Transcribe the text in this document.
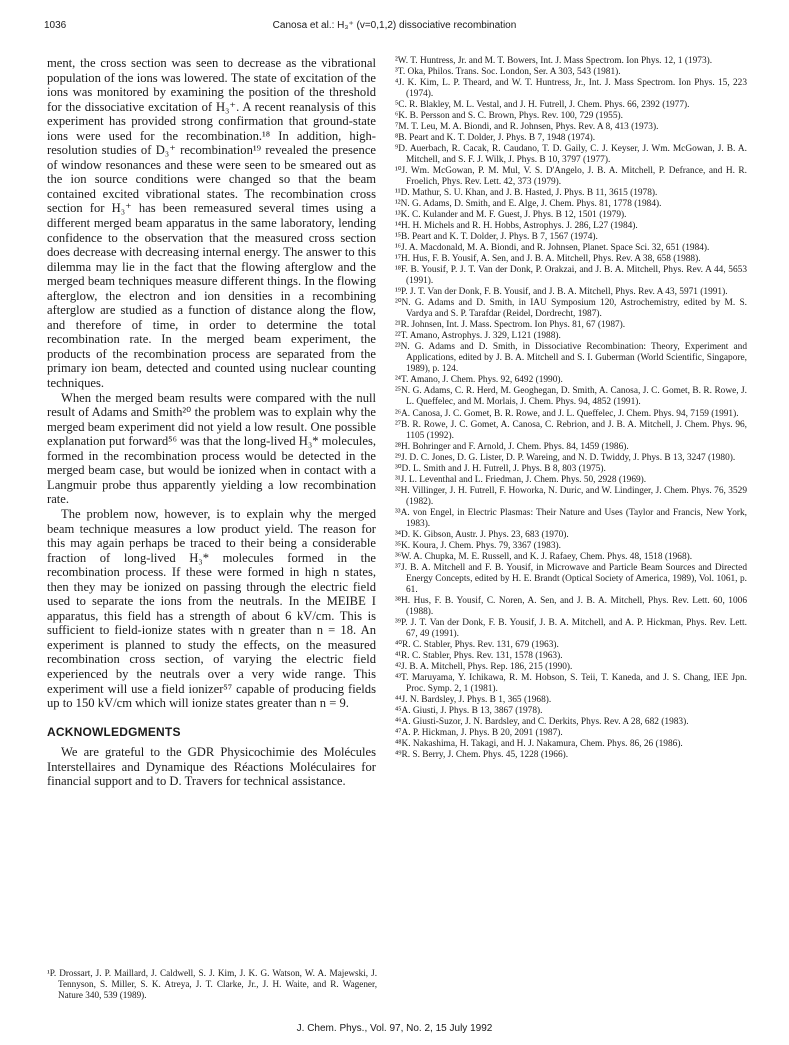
1036	Canosa et al.: H₃⁺ (v=0,1,2) dissociative recombination

ment, the cross section was seen to decrease as the vibrational population of the ions was lowered. The state of excitation of the ions was monitored by examining the position of the threshold for the dissociative excitation of H₃⁺. A recent reanalysis of this experiment has provided strong confirmation that ground-state ions were used for the recombination.¹⁸ In addition, high-resolution studies of D₃⁺ recombination¹⁹ revealed the presence of window resonances and these were seen to be smeared out as the ion source conditions were changed so that the beam contained excited vibrational states. The recombination cross section for H₃⁺ has been remeasured several times using a different merged beam apparatus in the same laboratory, lending confidence to the observation that the measured cross section does decrease with decreasing internal energy. The answer to this dilemma may lie in the fact that the flowing afterglow and the merged beam techniques measure different things. In the flowing afterglow, the electron and ion densities in a recombining afterglow are studied as a function of distance along the flow, and therefore of time, in order to determine the total recombination rate. In the merged beam experiment, the products of the recombination process are separated from the primary ion beam, detected and counted using nuclear counting techniques.

When the merged beam results were compared with the null result of Adams and Smith²⁰ the problem was to explain why the merged beam experiment did not yield a low result. One possible explanation put forward⁵⁶ was that the long-lived H₃* molecules, formed in the recombination process would be detected in the merged beam case, but would be ionized when in contact with a Langmuir probe thus apparently yielding a low recombination rate.

The problem now, however, is to explain why the merged beam technique measures a low product yield. The reason for this may again perhaps be traced to their being a considerable fraction of long-lived H₃* molecules formed in the recombination process. If these were formed in high n states, then they may be ionized on passing through the electric field used to separate the ions from the neutrals. In the MEIBE I apparatus, this field has a strength of about 6 kV/cm. This is sufficient to field-ionize states with n greater than n = 18. An experiment is planned to study the effects, on the measured recombination cross section, of varying the electric field experienced by the neutrals over a very wide range. This experiment will use a field ionizer⁵⁷ capable of producing fields up to 150 kV/cm which will ionize states greater than n = 9.

ACKNOWLEDGMENTS

We are grateful to the GDR Physicochimie des Molécules Interstellaires and Dynamique des Réactions Moléculaires for financial support and to D. Travers for technical assistance.

¹P. Drossart, J. P. Maillard, J. Caldwell, S. J. Kim, J. K. G. Watson, W. A. Majewski, J. Tennyson, S. Miller, S. K. Atreya, J. T. Clarke, Jr., J. H. Waite, and R. Wagener, Nature 340, 539 (1989).
²W. T. Huntress, Jr. and M. T. Bowers, Int. J. Mass Spectrom. Ion Phys. 12, 1 (1973).
³T. Oka, Philos. Trans. Soc. London, Ser. A 303, 543 (1981).
⁴J. K. Kim, L. P. Theard, and W. T. Huntress, Jr., Int. J. Mass Spectrom. Ion Phys. 15, 223 (1974).
⁵C. R. Blakley, M. L. Vestal, and J. H. Futrell, J. Chem. Phys. 66, 2392 (1977).
⁶K. B. Persson and S. C. Brown, Phys. Rev. 100, 729 (1955).
⁷M. T. Leu, M. A. Biondi, and R. Johnsen, Phys. Rev. A 8, 413 (1973).
⁸B. Peart and K. T. Dolder, J. Phys. B 7, 1948 (1974).
⁹D. Auerbach, R. Cacak, R. Caudano, T. D. Gaily, C. J. Keyser, J. Wm. McGowan, J. B. A. Mitchell, and S. F. J. Wilk, J. Phys. B 10, 3797 (1977).
¹⁰J. Wm. McGowan, P. M. Mul, V. S. D'Angelo, J. B. A. Mitchell, P. Defrance, and H. R. Froelich, Phys. Rev. Lett. 42, 373 (1979).
¹¹D. Mathur, S. U. Khan, and J. B. Hasted, J. Phys. B 11, 3615 (1978).
¹²N. G. Adams, D. Smith, and E. Alge, J. Chem. Phys. 81, 1778 (1984).
¹³K. C. Kulander and M. F. Guest, J. Phys. B 12, 1501 (1979).
¹⁴H. H. Michels and R. H. Hobbs, Astrophys. J. 286, L27 (1984).
¹⁵B. Peart and K. T. Dolder, J. Phys. B 7, 1567 (1974).
¹⁶J. A. Macdonald, M. A. Biondi, and R. Johnsen, Planet. Space Sci. 32, 651 (1984).
¹⁷H. Hus, F. B. Yousif, A. Sen, and J. B. A. Mitchell, Phys. Rev. A 38, 658 (1988).
¹⁸F. B. Yousif, P. J. T. Van der Donk, P. Orakzai, and J. B. A. Mitchell, Phys. Rev. A 44, 5653 (1991).
¹⁹P. J. T. Van der Donk, F. B. Yousif, and J. B. A. Mitchell, Phys. Rev. A 43, 5971 (1991).
²⁰N. G. Adams and D. Smith, in IAU Symposium 120, Astrochemistry, edited by M. S. Vardya and S. P. Tarafdar (Reidel, Dordrecht, 1987).
²¹R. Johnsen, Int. J. Mass. Spectrom. Ion Phys. 81, 67 (1987).
²²T. Amano, Astrophys. J. 329, L121 (1988).
²³N. G. Adams and D. Smith, in Dissociative Recombination: Theory, Experiment and Applications, edited by J. B. A. Mitchell and S. I. Guberman (World Scientific, Singapore, 1989), p. 124.
²⁴T. Amano, J. Chem. Phys. 92, 6492 (1990).
²⁵N. G. Adams, C. R. Herd, M. Geoghegan, D. Smith, A. Canosa, J. C. Gomet, B. R. Rowe, J. L. Queffelec, and M. Morlais, J. Chem. Phys. 94, 4852 (1991).
²⁶A. Canosa, J. C. Gomet, B. R. Rowe, and J. L. Queffelec, J. Chem. Phys. 94, 7159 (1991).
²⁷B. R. Rowe, J. C. Gomet, A. Canosa, C. Rebrion, and J. B. A. Mitchell, J. Chem. Phys. 96, 1105 (1992).
²⁸H. Bohringer and F. Arnold, J. Chem. Phys. 84, 1459 (1986).
²⁹J. D. C. Jones, D. G. Lister, D. P. Wareing, and N. D. Twiddy, J. Phys. B 13, 3247 (1980).
³⁰D. L. Smith and J. H. Futrell, J. Phys. B 8, 803 (1975).
³¹J. L. Leventhal and L. Friedman, J. Chem. Phys. 50, 2928 (1969).
³²H. Villinger, J. H. Futrell, F. Howorka, N. Duric, and W. Lindinger, J. Chem. Phys. 76, 3529 (1982).
³³A. von Engel, in Electric Plasmas: Their Nature and Uses (Taylor and Francis, New York, 1983).
³⁴D. K. Gibson, Austr. J. Phys. 23, 683 (1970).
³⁵K. Koura, J. Chem. Phys. 79, 3367 (1983).
³⁶W. A. Chupka, M. E. Russell, and K. J. Rafaey, Chem. Phys. 48, 1518 (1968).
³⁷J. B. A. Mitchell and F. B. Yousif, in Microwave and Particle Beam Sources and Directed Energy Concepts, edited by H. E. Brandt (Optical Society of America, 1989), Vol. 1061, p. 61.
³⁸H. Hus, F. B. Yousif, C. Noren, A. Sen, and J. B. A. Mitchell, Phys. Rev. Lett. 60, 1006 (1988).
³⁹P. J. T. Van der Donk, F. B. Yousif, J. B. A. Mitchell, and A. P. Hickman, Phys. Rev. Lett. 67, 49 (1991).
⁴⁰R. C. Stabler, Phys. Rev. 131, 679 (1963).
⁴¹R. C. Stabler, Phys. Rev. 131, 1578 (1963).
⁴²J. B. A. Mitchell, Phys. Rep. 186, 215 (1990).
⁴³T. Maruyama, Y. Ichikawa, R. M. Hobson, S. Teii, T. Kaneda, and J. S. Chang, IEE Jpn. Proc. Symp. 2, 1 (1981).
⁴⁴J. N. Bardsley, J. Phys. B 1, 365 (1968).
⁴⁵A. Giusti, J. Phys. B 13, 3867 (1978).
⁴⁶A. Giusti-Suzor, J. N. Bardsley, and C. Derkits, Phys. Rev. A 28, 682 (1983).
⁴⁷A. P. Hickman, J. Phys. B 20, 2091 (1987).
⁴⁸K. Nakashima, H. Takagi, and H. J. Nakamura, Chem. Phys. 86, 26 (1986).
⁴⁹R. S. Berry, J. Chem. Phys. 45, 1228 (1966).
J. Chem. Phys., Vol. 97, No. 2, 15 July 1992
